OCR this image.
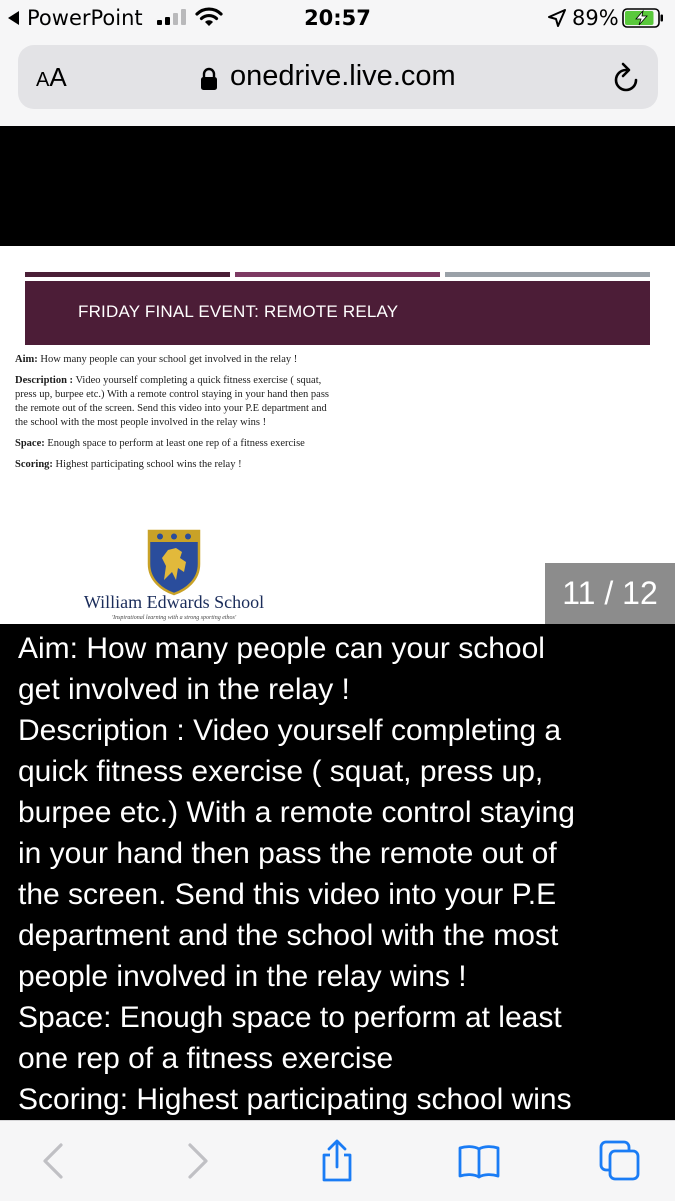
PowerPoint	20:57	89%
AA	onedrive.live.com
FRIDAY FINAL EVENT: REMOTE RELAY

Aim: How many people can your school get involved in the relay !

Description : Video yourself completing a quick fitness exercise ( squat, press up, burpee etc.) With a remote control staying in your hand then pass the remote out of the screen. Send this video into your P.E department and the school with the most people involved in the relay wins !

Space: Enough space to perform at least one rep of a fitness exercise

Scoring: Highest participating school wins the relay !

William Edwards School
'Inspirational learning with a strong sporting ethos'
11 / 12
Aim: How many people can your school
get involved in the relay !
Description : Video yourself completing a
quick fitness exercise ( squat, press up,
burpee etc.) With a remote control staying
in your hand then pass the remote out of
the screen. Send this video into your P.E
department and the school with the most
people involved in the relay wins !
Space: Enough space to perform at least
one rep of a fitness exercise
Scoring: Highest participating school wins
